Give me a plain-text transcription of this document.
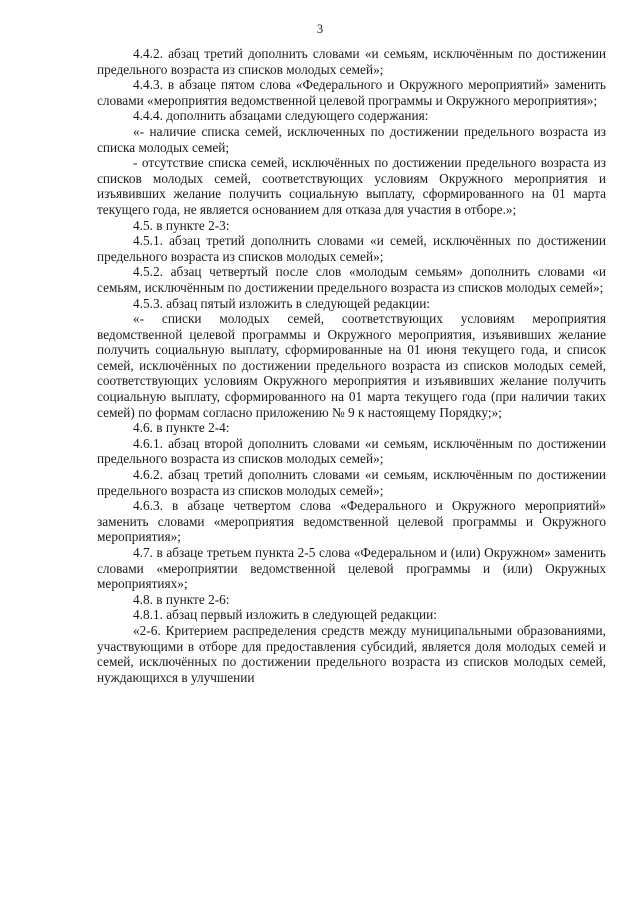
3

4.4.2. абзац третий дополнить словами «и семьям, исключённым по достижении предельного возраста из списков молодых семей»;

4.4.3. в абзаце пятом слова «Федерального и Окружного мероприятий» заменить словами «мероприятия ведомственной целевой программы и Окружного мероприятия»;

4.4.4. дополнить абзацами следующего содержания:

«- наличие списка семей, исключенных по достижении предельного возраста из списка молодых семей;

- отсутствие списка семей, исключённых по достижении предельного возраста из списков молодых семей, соответствующих условиям Окружного мероприятия и изъявивших желание получить социальную выплату, сформированного на 01 марта текущего года, не является основанием для отказа для участия в отборе.»;

4.5. в пункте 2-3:

4.5.1. абзац третий дополнить словами «и семей, исключённых по достижении предельного возраста из списков молодых семей»;

4.5.2. абзац четвертый после слов «молодым семьям» дополнить словами «и семьям, исключённым по достижении предельного возраста из списков молодых семей»;

4.5.3. абзац пятый изложить в следующей редакции:

«- списки молодых семей, соответствующих условиям мероприятия ведомственной целевой программы и Окружного мероприятия, изъявивших желание получить социальную выплату, сформированные на 01 июня текущего года, и список семей, исключённых по достижении предельного возраста из списков молодых семей, соответствующих условиям Окружного мероприятия и изъявивших желание получить социальную выплату, сформированного на 01 марта текущего года (при наличии таких семей) по формам согласно приложению № 9 к настоящему Порядку;»;

4.6. в пункте 2-4:

4.6.1. абзац второй дополнить словами «и семьям, исключённым по достижении предельного возраста из списков молодых семей»;

4.6.2. абзац третий дополнить словами «и семьям, исключённым по достижении предельного возраста из списков молодых семей»;

4.6.3. в абзаце четвертом слова «Федерального и Окружного мероприятий» заменить словами «мероприятия ведомственной целевой программы и Окружного мероприятия»;

4.7. в абзаце третьем пункта 2-5 слова «Федеральном и (или) Окружном» заменить словами «мероприятии ведомственной целевой программы и (или) Окружных мероприятиях»;

4.8. в пункте 2-6:

4.8.1. абзац первый изложить в следующей редакции:

«2-6. Критерием распределения средств между муниципальными образованиями, участвующими в отборе для предоставления субсидий, является доля молодых семей и семей, исключённых по достижении предельного возраста из списков молодых семей, нуждающихся в улучшении
